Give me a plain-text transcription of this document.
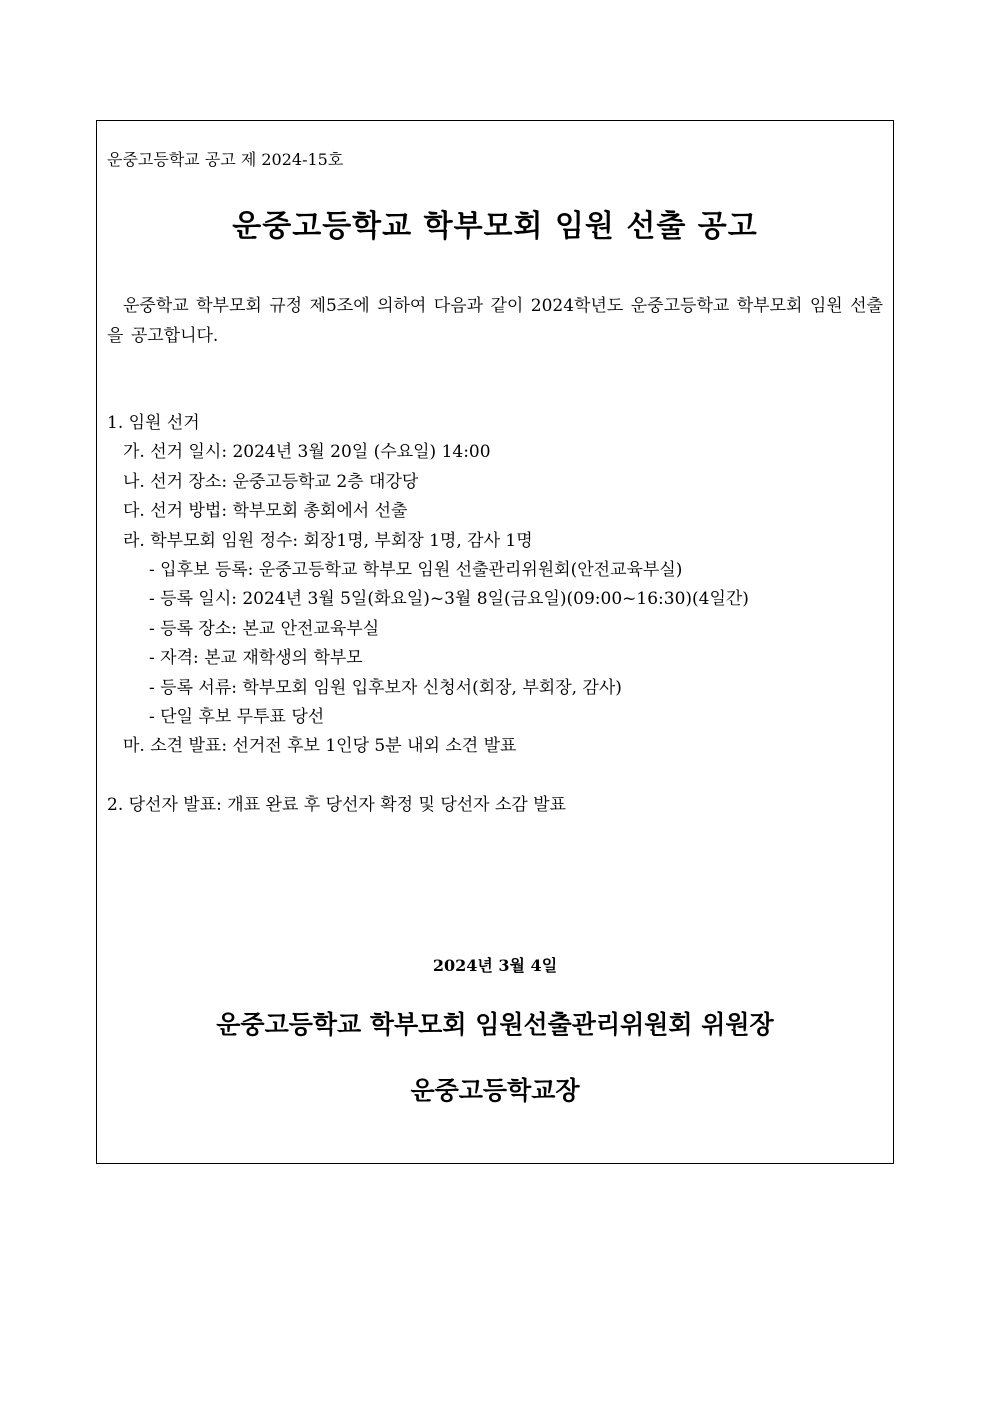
운중고등학교 공고 제 2024-15호
운중고등학교 학부모회 임원 선출 공고
운중학교 학부모회 규정 제5조에 의하여 다음과 같이 2024학년도 운중고등학교 학부모회 임원 선출을 공고합니다.
1. 임원 선거
가. 선거 일시: 2024년 3월 20일 (수요일) 14:00
나. 선거 장소: 운중고등학교 2층 대강당
다. 선거 방법: 학부모회 총회에서 선출
라. 학부모회 임원 정수: 회장1명, 부회장 1명, 감사 1명
- 입후보 등록: 운중고등학교 학부모 임원 선출관리위원회(안전교육부실)
- 등록 일시: 2024년 3월 5일(화요일)~3월 8일(금요일)(09:00~16:30)(4일간)
- 등록 장소: 본교 안전교육부실
- 자격: 본교 재학생의 학부모
- 등록 서류: 학부모회 임원 입후보자 신청서(회장, 부회장, 감사)
- 단일 후보 무투표 당선
마. 소견 발표: 선거전 후보 1인당 5분 내외 소견 발표
2. 당선자 발표: 개표 완료 후 당선자 확정 및 당선자 소감 발표
2024년 3월 4일
운중고등학교 학부모회 임원선출관리위원회 위원장
운중고등학교장
